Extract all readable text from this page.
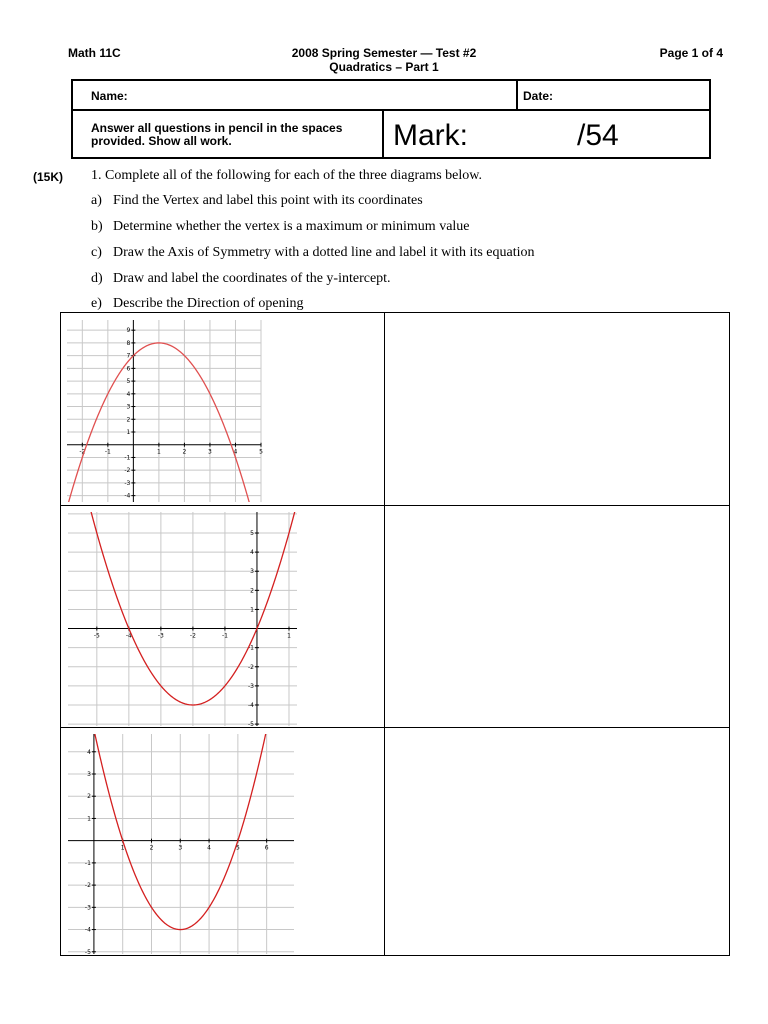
Math 11C	2008 Spring Semester — Test #2
Quadratics – Part 1
Page 1 of 4
Name:	Date:
Answer all questions in pencil in the spaces provided. Show all work.	Mark:	/54
(15K) 1. Complete all of the following for each of the three diagrams below.
a) Find the Vertex and label this point with its coordinates
b) Determine whether the vertex is a maximum or minimum value
c) Draw the Axis of Symmetry with a dotted line and label it with its equation
d) Draw and label the coordinates of the y-intercept.
e) Describe the Direction of opening
-2	-1	1	2	3	4	5
-4
-3
-2
-1
1
2
3
4
5
6
7
8
9
-5	-4	-3	-2	-1	1
-5
-4
-3
-2
-1
1
2
3
4
5
1	2	3	4	5	6
-5
-4
-3
-2
-1
1
2
3
4
